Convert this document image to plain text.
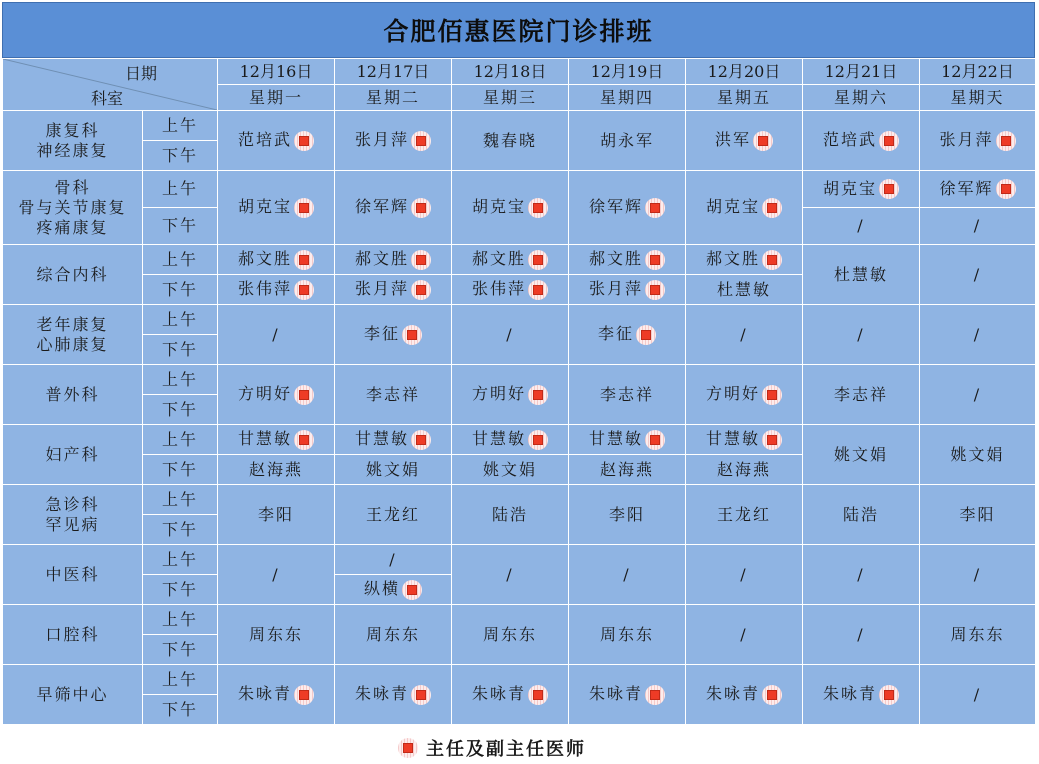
合肥佰惠医院门诊排班
日期
科室		12月16日	12月17日	12月18日	12月19日	12月20日	12月21日	12月22日
		星期一	星期二	星期三	星期四	星期五	星期六	星期天
康复科
神经康复	上午	范培武	张月萍	魏春晓	胡永军	洪军	范培武	张月萍
	下午							
骨科
骨与关节康复
疼痛康复	上午	胡克宝	徐军辉	胡克宝	徐军辉	胡克宝	胡克宝	徐军辉
	下午						/	/
综合内科	上午	郝文胜	郝文胜	郝文胜	郝文胜	郝文胜	杜慧敏	/
	下午	张伟萍	张月萍	张伟萍	张月萍	杜慧敏		
老年康复
心肺康复	上午	/	李征	/	李征	/	/	/
	下午							
普外科	上午	方明好	李志祥	方明好	李志祥	方明好	李志祥	/
	下午							
妇产科	上午	甘慧敏	甘慧敏	甘慧敏	甘慧敏	甘慧敏	姚文娟	姚文娟
	下午	赵海燕	姚文娟	姚文娟	赵海燕	赵海燕		
急诊科
罕见病	上午	李阳	王龙红	陆浩	李阳	王龙红	陆浩	李阳
	下午							
中医科	上午	/	/	/	/	/	/	/
	下午		纵横					
口腔科	上午	周东东	周东东	周东东	周东东	/	/	周东东
	下午							
早筛中心	上午	朱咏青	朱咏青	朱咏青	朱咏青	朱咏青	朱咏青	/
	下午							
主任及副主任医师
